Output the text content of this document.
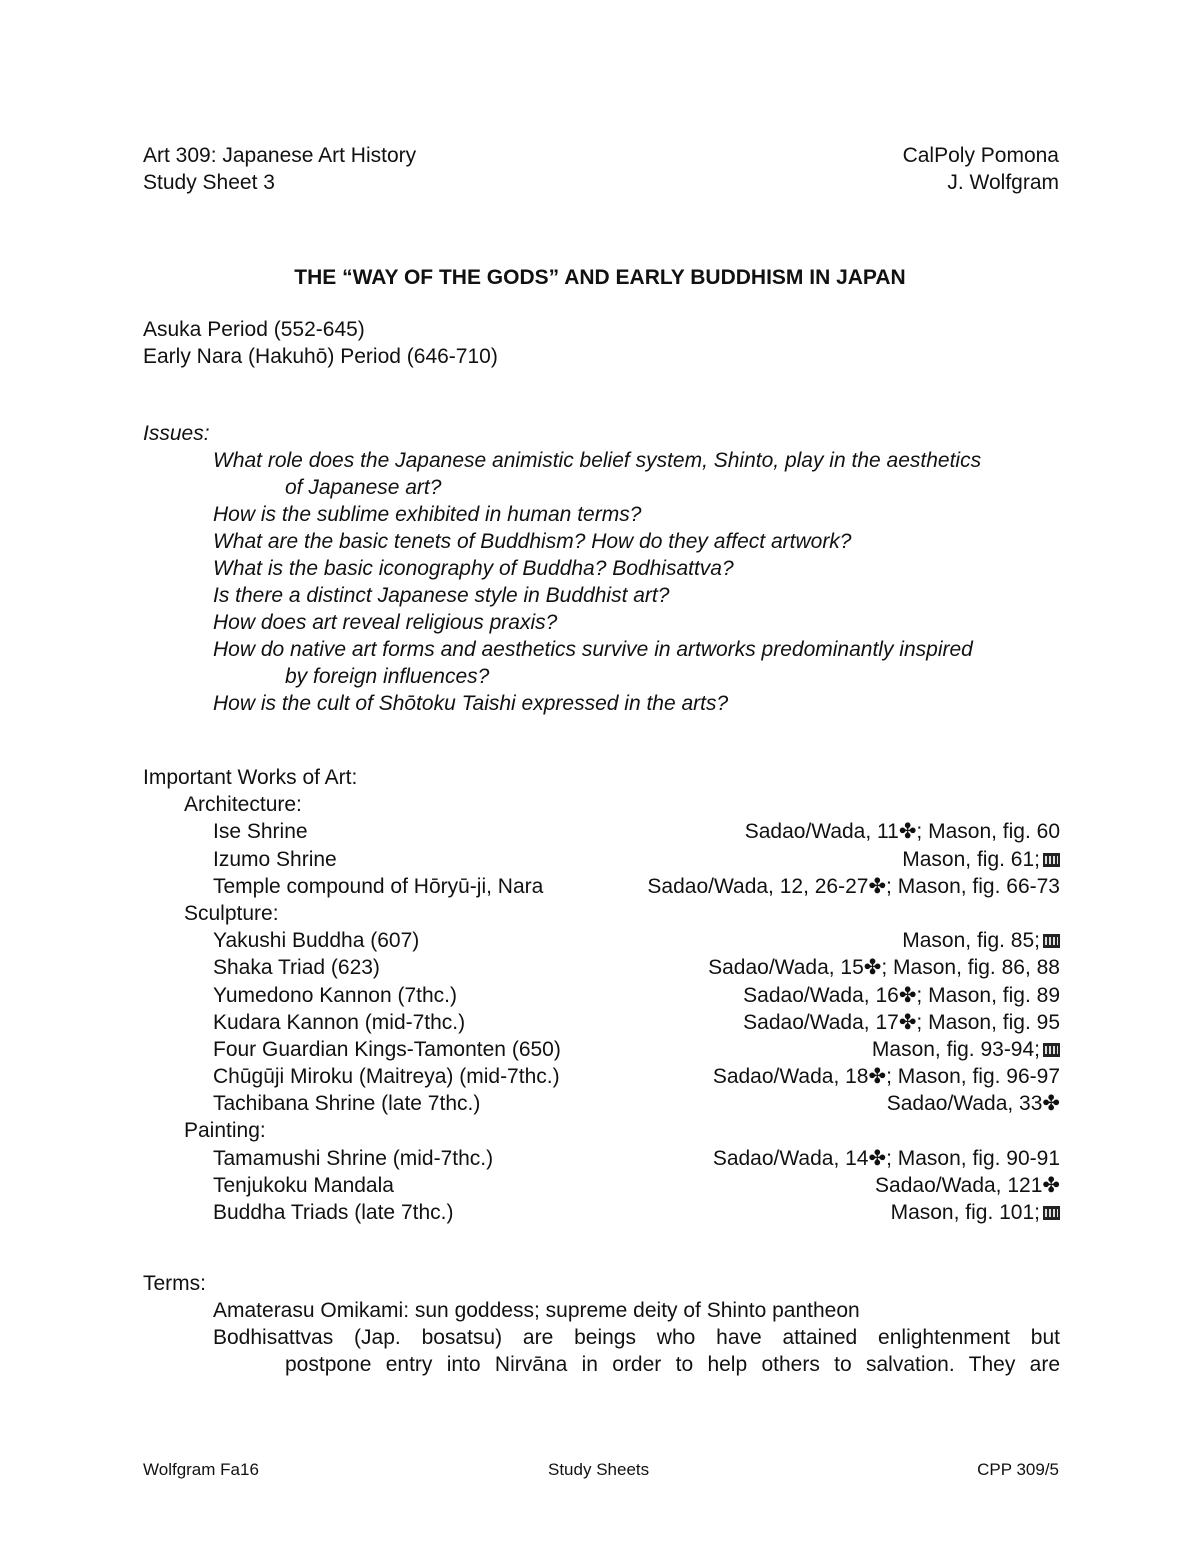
Art 309: Japanese Art History
Study Sheet 3
CalPoly Pomona
J. Wolfgram
THE “WAY OF THE GODS” AND EARLY BUDDHISM IN JAPAN
Asuka Period (552-645)
Early Nara (Hakuhō) Period (646-710)
Issues:
What role does the Japanese animistic belief system, Shinto, play in the aesthetics
of Japanese art?
How is the sublime exhibited in human terms?
What are the basic tenets of Buddhism? How do they affect artwork?
What is the basic iconography of Buddha? Bodhisattva?
Is there a distinct Japanese style in Buddhist art?
How does art reveal religious praxis?
How do native art forms and aesthetics survive in artworks predominantly inspired
by foreign influences?
How is the cult of Shōtoku Taishi expressed in the arts?
Important Works of Art:
Architecture:
Ise Shrine	Sadao/Wada, 11✤; Mason, fig. 60
Izumo Shrine	Mason, fig. 61;
Temple compound of Hōryū-ji, Nara	Sadao/Wada, 12, 26-27✤; Mason, fig. 66-73
Sculpture:
Yakushi Buddha (607)	Mason, fig. 85;
Shaka Triad (623)	Sadao/Wada, 15✤; Mason, fig. 86, 88
Yumedono Kannon (7thc.)	Sadao/Wada, 16✤; Mason, fig. 89
Kudara Kannon (mid-7thc.)	Sadao/Wada, 17✤; Mason, fig. 95
Four Guardian Kings-Tamonten (650)	Mason, fig. 93-94;
Chūgūji Miroku (Maitreya) (mid-7thc.)	Sadao/Wada, 18✤; Mason, fig. 96-97
Tachibana Shrine (late 7thc.)	Sadao/Wada, 33✤
Painting:
Tamamushi Shrine (mid-7thc.)	Sadao/Wada, 14✤; Mason, fig. 90-91
Tenjukoku Mandala	Sadao/Wada, 121✤
Buddha Triads (late 7thc.)	Mason, fig. 101;
Terms:
Amaterasu Omikami: sun goddess; supreme deity of Shinto pantheon
Bodhisattvas (Jap. bosatsu) are beings who have attained enlightenment but
postpone entry into Nirvāna in order to help others to salvation. They are
Wolfgram Fa16	Study Sheets	CPP 309/5
